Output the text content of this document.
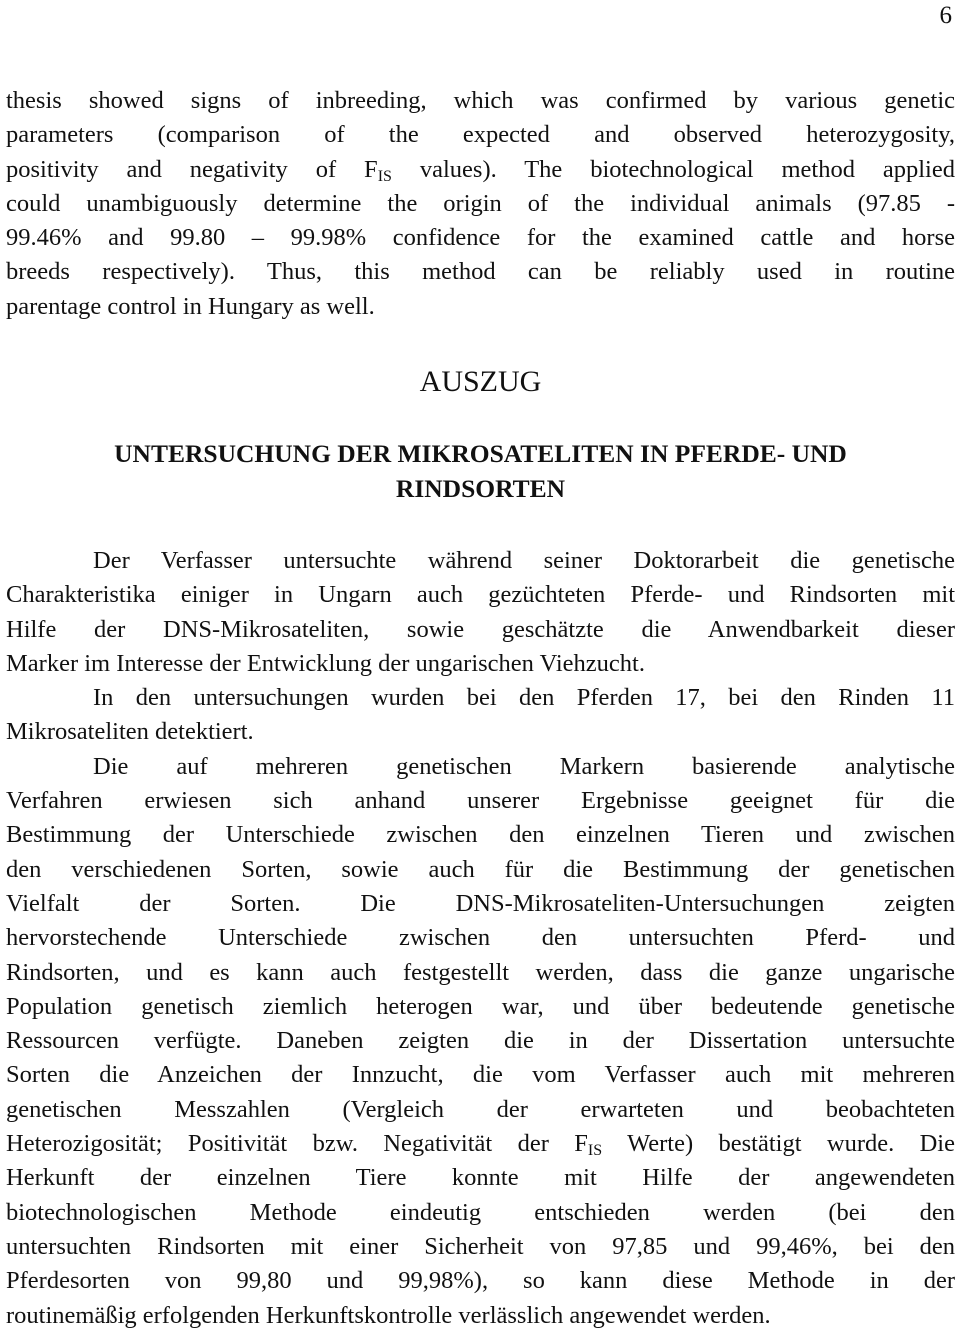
6
thesis showed signs of inbreeding, which was confirmed by various genetic
parameters (comparison of the expected and observed heterozygosity,
positivity and negativity of $F_{IS}$ values). The biotechnological method applied
could unambiguously determine the origin of the individual animals (97.85 -
99.46% and 99.80 – 99.98% confidence for the examined cattle and horse
breeds respectively). Thus, this method can be reliably used in routine
parentage control in Hungary as well.
AUSZUG
UNTERSUCHUNG DER MIKROSATELITEN IN PFERDE- UND
RINDSORTEN
Der Verfasser untersuchte während seiner Doktorarbeit die genetische
Charakteristika einiger in Ungarn auch gezüchteten Pferde- und Rindsorten mit
Hilfe der DNS-Mikrosateliten, sowie geschätzte die Anwendbarkeit dieser
Marker im Interesse der Entwicklung der ungarischen Viehzucht.
In den untersuchungen wurden bei den Pferden 17, bei den Rinden 11
Mikrosateliten detektiert.
Die auf mehreren genetischen Markern basierende analytische
Verfahren erwiesen sich anhand unserer Ergebnisse geeignet für die
Bestimmung der Unterschiede zwischen den einzelnen Tieren und zwischen
den verschiedenen Sorten, sowie auch für die Bestimmung der genetischen
Vielfalt der Sorten. Die DNS-Mikrosateliten-Untersuchungen zeigten
hervorstechende Unterschiede zwischen den untersuchten Pferd- und
Rindsorten, und es kann auch festgestellt werden, dass die ganze ungarische
Population genetisch ziemlich heterogen war, und über bedeutende genetische
Ressourcen verfügte. Daneben zeigten die in der Dissertation untersuchte
Sorten die Anzeichen der Innzucht, die vom Verfasser auch mit mehreren
genetischen Messzahlen (Vergleich der erwarteten und beobachteten
Heterozigosität; Positivität bzw. Negativität der $F_{IS}$ Werte) bestätigt wurde. Die
Herkunft der einzelnen Tiere konnte mit Hilfe der angewendeten
biotechnologischen Methode eindeutig entschieden werden (bei den
untersuchten Rindsorten mit einer Sicherheit von 97,85 und 99,46%, bei den
Pferdesorten von 99,80 und 99,98%), so kann diese Methode in der
routinemäßig erfolgenden Herkunftskontrolle verlässlich angewendet werden.
